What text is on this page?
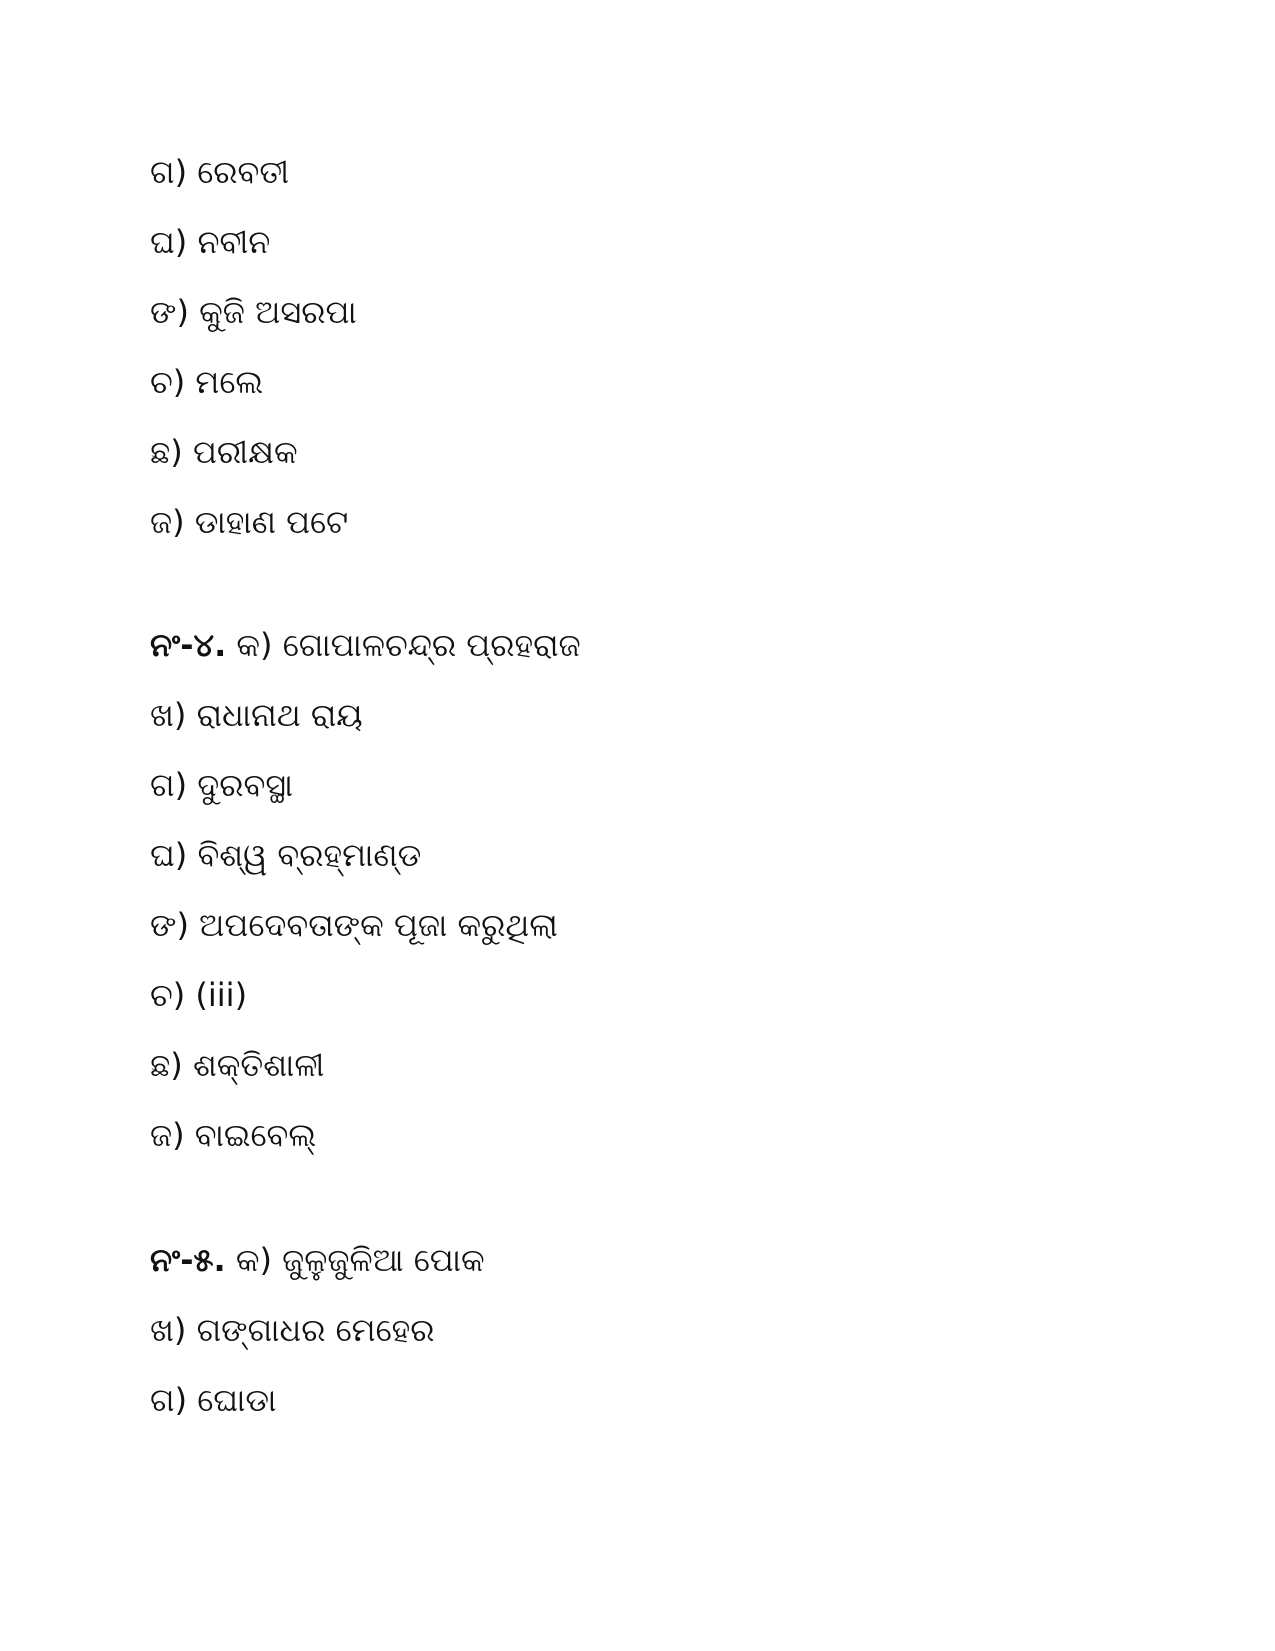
ଗ) ରେବତୀ
ଘ) ନବୀନ
ଙ) କୁଜି ଅସରପା
ଚ) ମଲେ
ଛ) ପରୀକ୍ଷକ
ଜ) ଡାହାଣ ପଟେ
ନଂ-୪. କ) ଗୋପାଳଚନ୍ଦ୍ର ପ୍ରହରାଜ
ଖ) ରାଧାନାଥ ରାୟ
ଗ) ଦୁରବସ୍ଥା
ଘ) ବିଶ୍ୱ ବ୍ରହ୍ମାଣ୍ଡ
ଙ) ଅପଦେବତାଙ୍କ ପୂଜା କରୁଥିଲା
ଚ) (iii)
ଛ) ଶକ୍ତିଶାଳୀ
ଜ) ବାଇବେଲ୍
ନଂ-୫. କ) ଜୁଳୁଜୁଳିଆ ପୋକ
ଖ) ଗଙ୍ଗାଧର ମେହେର
ଗ) ଘୋଡା
